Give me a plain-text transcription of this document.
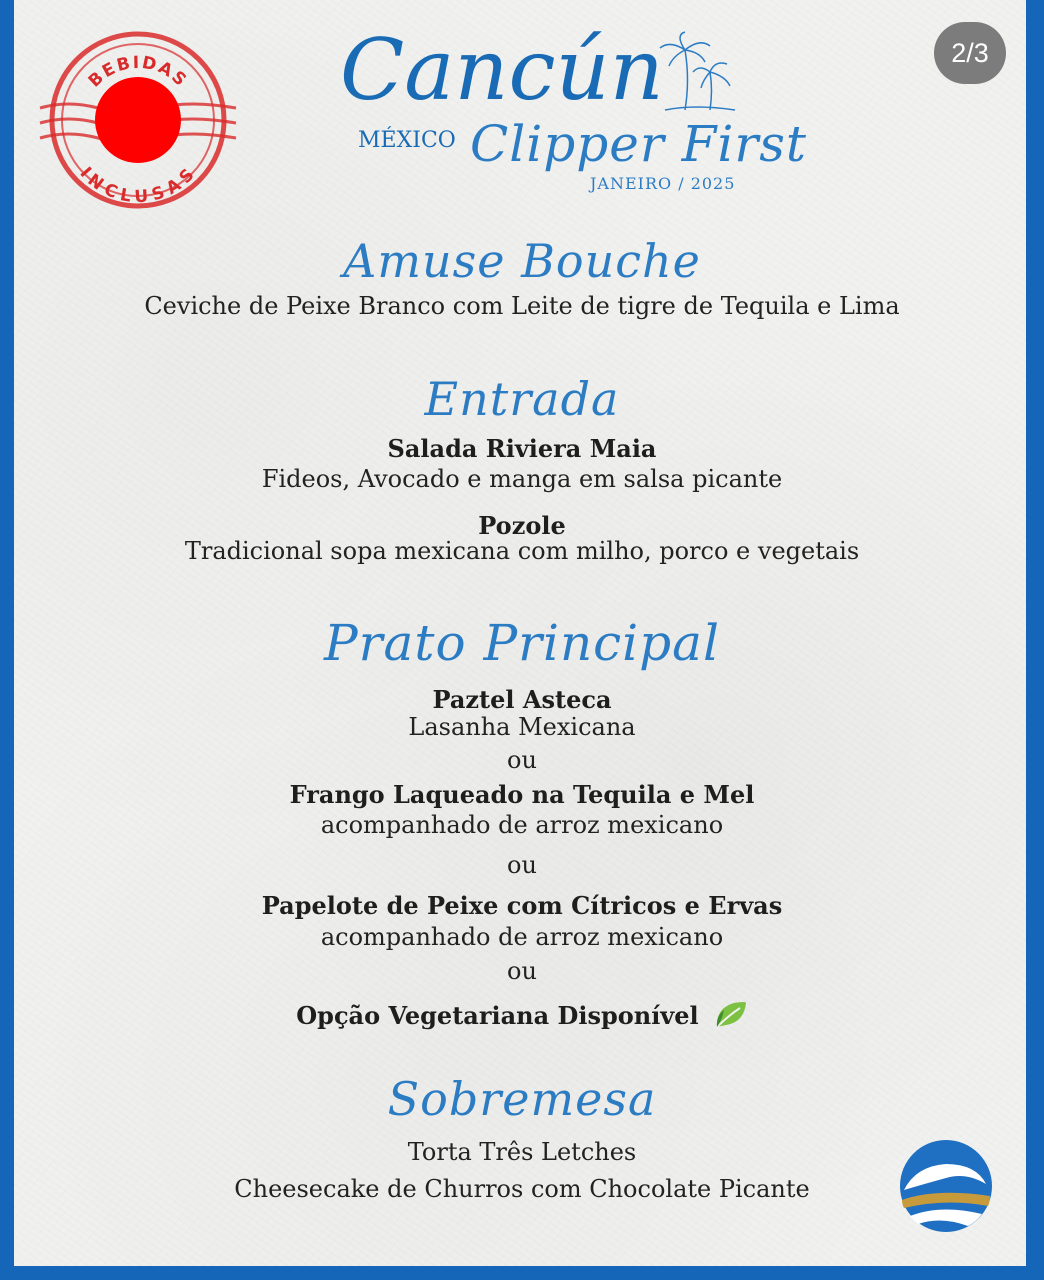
BEBIDAS
INCLUSAS
2/3
Cancún
MÉXICO Clipper First
JANEIRO / 2025
Amuse Bouche
Ceviche de Peixe Branco com Leite de tigre de Tequila e Lima
Entrada
Salada Riviera Maia
Fideos, Avocado e manga em salsa picante
Pozole
Tradicional sopa mexicana com milho, porco e vegetais
Prato Principal
Paztel Asteca
Lasanha Mexicana
ou
Frango Laqueado na Tequila e Mel
acompanhado de arroz mexicano
ou
Papelote de Peixe com Cítricos e Ervas
acompanhado de arroz mexicano
ou
Opção Vegetariana Disponível
Sobremesa
Torta Três Letches
Cheesecake de Churros com Chocolate Picante
